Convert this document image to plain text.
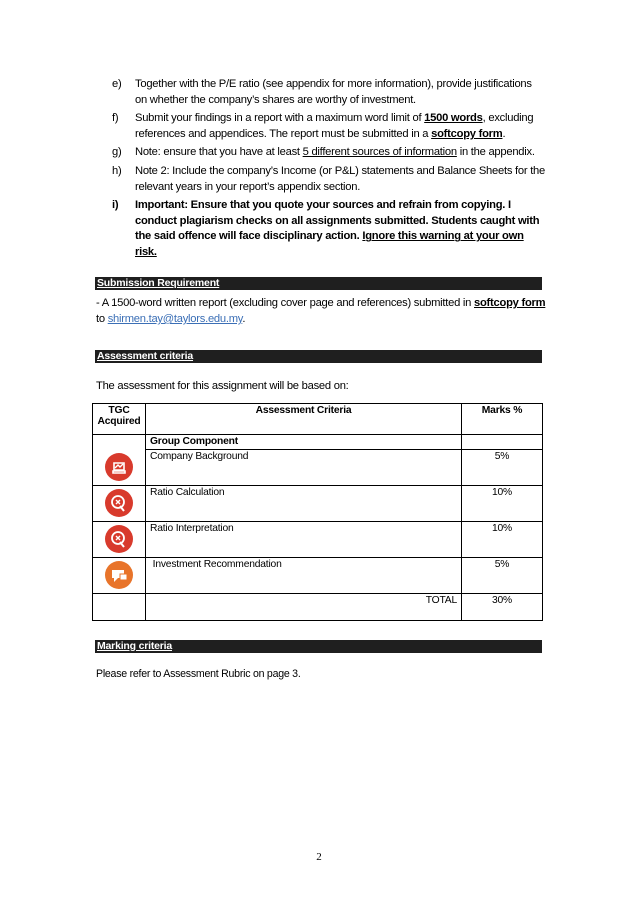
e) Together with the P/E ratio (see appendix for more information), provide justifications on whether the company’s shares are worthy of investment.
f) Submit your findings in a report with a maximum word limit of 1500 words, excluding references and appendices. The report must be submitted in a softcopy form.
g) Note: ensure that you have at least 5 different sources of information in the appendix.
h) Note 2: Include the company’s Income (or P&L) statements and Balance Sheets for the relevant years in your report’s appendix section.
i) Important: Ensure that you quote your sources and refrain from copying. I conduct plagiarism checks on all assignments submitted. Students caught with the said offence will face disciplinary action. Ignore this warning at your own risk.
Submission Requirement
- A 1500-word written report (excluding cover page and references) submitted in softcopy form to shirmen.tay@taylors.edu.my.
Assessment criteria
The assessment for this assignment will be based on:
TGC Acquired	Assessment Criteria	Marks %
	Group Component	

	Company Background	5%

	Ratio Calculation	10%

	Ratio Interpretation	10%

	Investment Recommendation	5%
	TOTAL	30%
Marking criteria
Please refer to Assessment Rubric on page 3.
2
